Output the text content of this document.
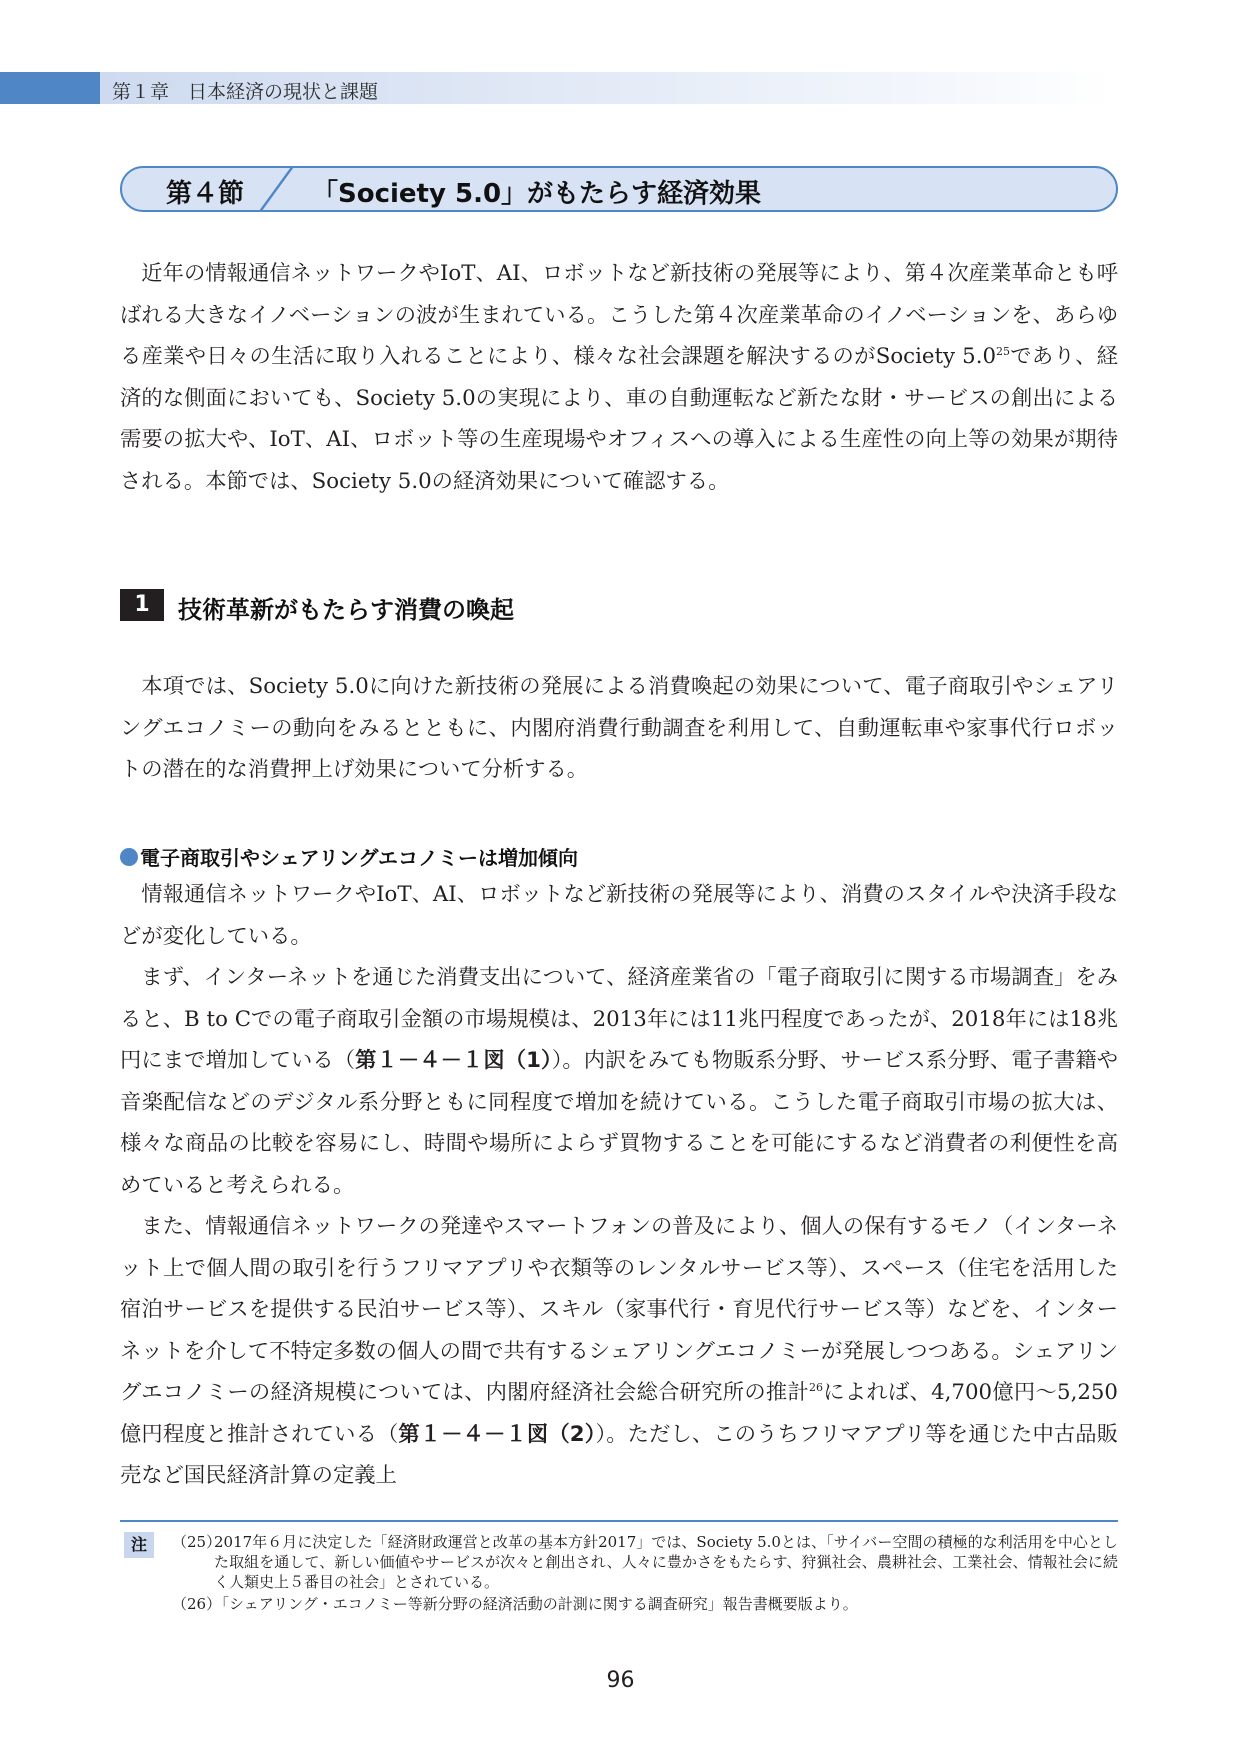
第１章　 日本経済の現状と課題
第４節	「Society 5.0」がもたらす経済効果

近年の情報通信ネットワークやIoT、AI、ロボットなど新技術の発展等により、第４次産業革命とも呼ばれる大きなイノベーションの波が生まれている。こうした第４次産業革命のイノベーションを、あらゆる産業や日々の生活に取り入れることにより、様々な社会課題を解決するのがSociety $5.0^{25}$であり、経済的な側面においても、Society 5.0の実現により、車の自動運転など新たな財・サービスの創出による需要の拡大や、IoT、AI、ロボット等の生産現場やオフィスへの導入による生産性の向上等の効果が期待される。本節では、Society 5.0の経済効果について確認する。

1	技術革新がもたらす消費の喚起

本項では、Society 5.0に向けた新技術の発展による消費喚起の効果について、電子商取引やシェアリングエコノミーの動向をみるとともに、内閣府消費行動調査を利用して、自動運転車や家事代行ロボットの潜在的な消費押上げ効果について分析する。

電子商取引やシェアリングエコノミーは増加傾向

情報通信ネットワークやIoT、AI、ロボットなど新技術の発展等により、消費のスタイルや決済手段などが変化している。

まず、インターネットを通じた消費支出について、経済産業省の「電子商取引に関する市場調査」をみると、B to Cでの電子商取引金額の市場規模は、2013年には11兆円程度であったが、2018年には18兆円にまで増加している（第１－４－１図（1））。内訳をみても物販系分野、サービス系分野、電子書籍や音楽配信などのデジタル系分野ともに同程度で増加を続けている。こうした電子商取引市場の拡大は、様々な商品の比較を容易にし、時間や場所によらず買物することを可能にするなど消費者の利便性を高めていると考えられる。

また、情報通信ネットワークの発達やスマートフォンの普及により、個人の保有するモノ（インターネット上で個人間の取引を行うフリマアプリや衣類等のレンタルサービス等）、スペース（住宅を活用した宿泊サービスを提供する民泊サービス等）、スキル（家事代行・育児代行サービス等）などを、インターネットを介して不特定多数の個人の間で共有するシェアリングエコノミーが発展しつつある。シェアリングエコノミーの経済規模については、内閣府経済社会総合研究所の推計$^{26}$によれば、4,700億円～5,250億円程度と推計されている（第１－４－１図（2））。ただし、このうちフリマアプリ等を通じた中古品販売など国民経済計算の定義上

注	（25）
2017年６月に決定した「経済財政運営と改革の基本方針2017」では、Society 5.0とは、「サイバー空間の積極的な利活用を中心とした取組を通して、新しい価値やサービスが次々と創出され、人々に豊かさをもたらす、狩猟社会、農耕社会、工業社会、情報社会に続く人類史上５番目の社会」とされている。

（26）
「シェアリング・エコノミー等新分野の経済活動の計測に関する調査研究」報告書概要版より。

96
